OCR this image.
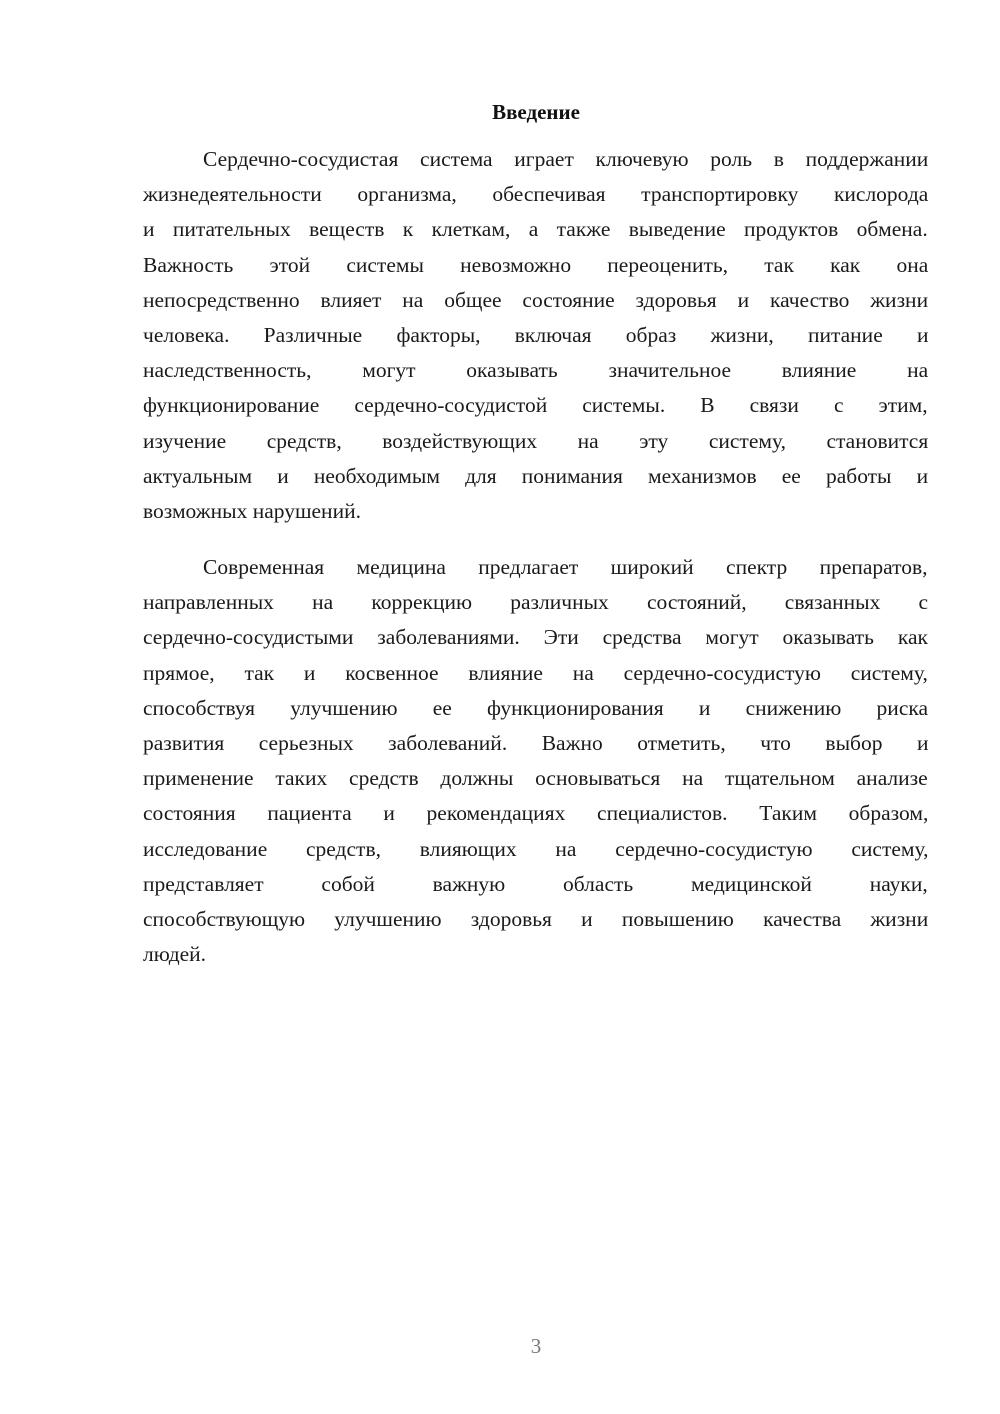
Введение
Сердечно-сосудистая система играет ключевую роль в поддержании
жизнедеятельности организма, обеспечивая транспортировку кислорода
и питательных веществ к клеткам, а также выведение продуктов обмена.
Важность этой системы невозможно переоценить, так как она
непосредственно влияет на общее состояние здоровья и качество жизни
человека. Различные факторы, включая образ жизни, питание и
наследственность, могут оказывать значительное влияние на
функционирование сердечно-сосудистой системы. В связи с этим,
изучение средств, воздействующих на эту систему, становится
актуальным и необходимым для понимания механизмов ее работы и
возможных нарушений.
Современная медицина предлагает широкий спектр препаратов,
направленных на коррекцию различных состояний, связанных с
сердечно-сосудистыми заболеваниями. Эти средства могут оказывать как
прямое, так и косвенное влияние на сердечно-сосудистую систему,
способствуя улучшению ее функционирования и снижению риска
развития серьезных заболеваний. Важно отметить, что выбор и
применение таких средств должны основываться на тщательном анализе
состояния пациента и рекомендациях специалистов. Таким образом,
исследование средств, влияющих на сердечно-сосудистую систему,
представляет собой важную область медицинской науки,
способствующую улучшению здоровья и повышению качества жизни
людей.
3
